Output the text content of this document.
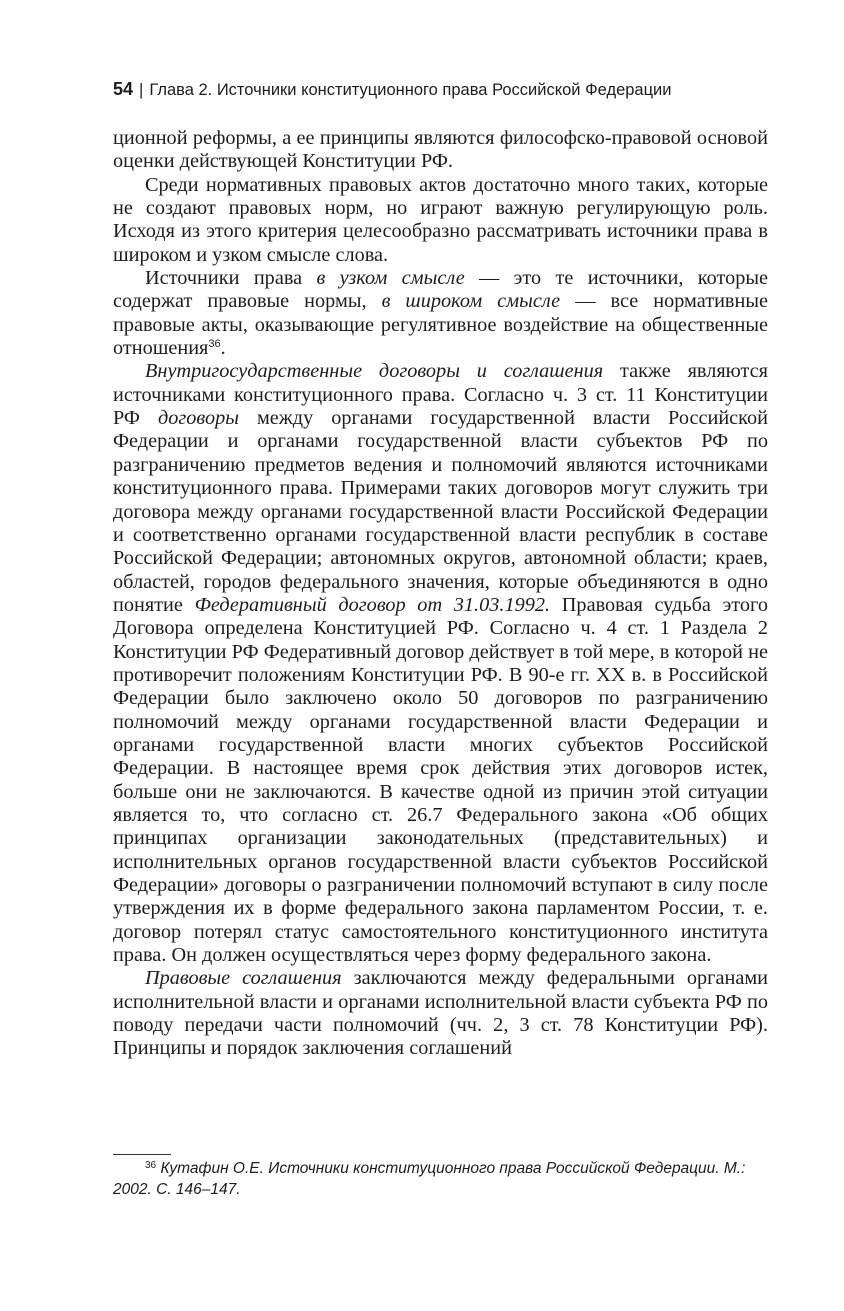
54 | Глава 2. Источники конституционного права Российской Федерации

ционной реформы, а ее принципы являются философско-правовой основой оценки действующей Конституции РФ.

Среди нормативных правовых актов достаточно много таких, которые не создают правовых норм, но играют важную регулирующую роль. Исходя из этого критерия целесообразно рассматривать источники права в широком и узком смысле слова.

Источники права в узком смысле — это те источники, которые содержат правовые нормы, в широком смысле — все нормативные правовые акты, оказывающие регулятивное воздействие на общественные отношения$^{36}$.

Внутригосударственные договоры и соглашения также являются источниками конституционного права. Согласно ч. 3 ст. 11 Конституции РФ договоры между органами государственной власти Российской Федерации и органами государственной власти субъектов РФ по разграничению предметов ведения и полномочий являются источниками конституционного права. Примерами таких договоров могут служить три договора между органами государственной власти Российской Федерации и соответственно органами государственной власти республик в составе Российской Федерации; автономных округов, автономной области; краев, областей, городов федерального значения, которые объединяются в одно понятие Федеративный договор от 31.03.1992. Правовая судьба этого Договора определена Конституцией РФ. Согласно ч. 4 ст. 1 Раздела 2 Конституции РФ Федеративный договор действует в той мере, в которой не противоречит положениям Конституции РФ. В 90-е гг. XX в. в Российской Федерации было заключено около 50 договоров по разграничению полномочий между органами государственной власти Федерации и органами государственной власти многих субъектов Российской Федерации. В настоящее время срок действия этих договоров истек, больше они не заключаются. В качестве одной из причин этой ситуации является то, что согласно ст. 26.7 Федерального закона «Об общих принципах организации законодательных (представительных) и исполнительных органов государственной власти субъектов Российской Федерации» договоры о разграничении полномочий вступают в силу после утверждения их в форме федерального закона парламентом России, т. е. договор потерял статус самостоятельного конституционного института права. Он должен осуществляться через форму федерального закона.

Правовые соглашения заключаются между федеральными органами исполнительной власти и органами исполнительной власти субъекта РФ по поводу передачи части полномочий (чч. 2, 3 ст. 78 Конституции РФ). Принципы и порядок заключения соглашений

$^{36}$ Кутафин О.Е. Источники конституционного права Российской Федерации. М.: 2002. С. 146–147.
